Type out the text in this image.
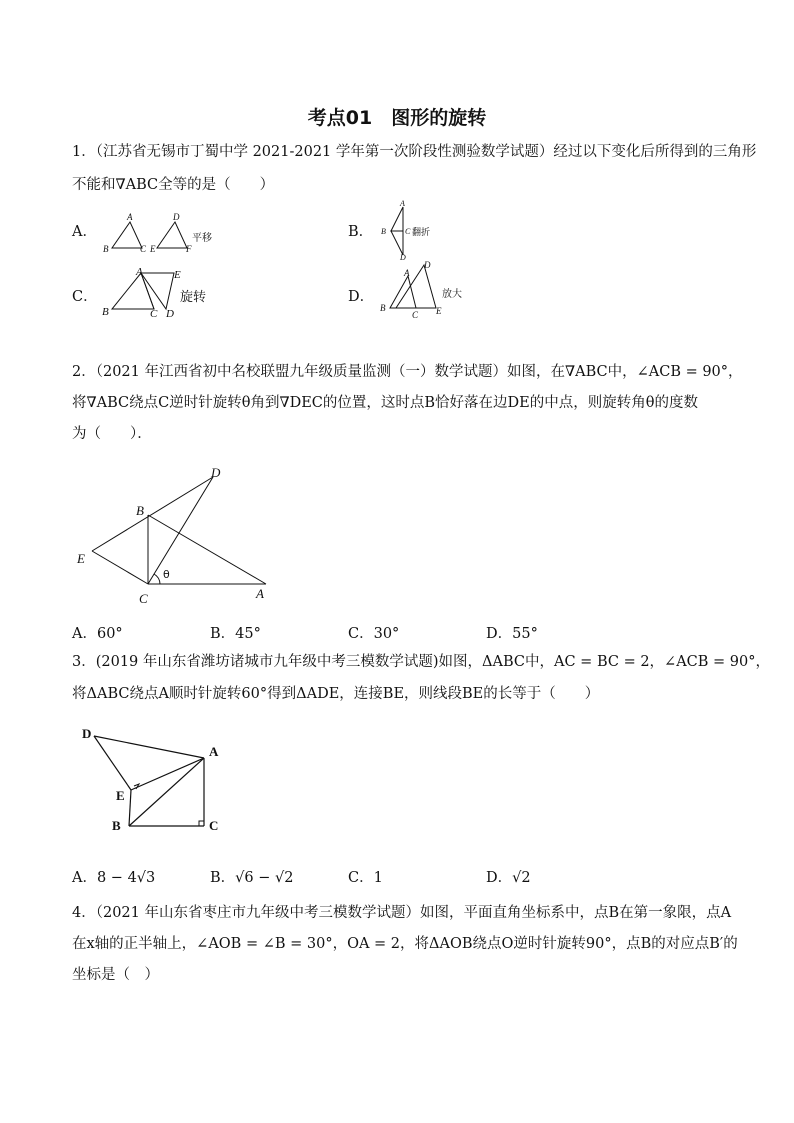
考点01　图形的旋转
1．（江苏省无锡市丁蜀中学 2021-2021 学年第一次阶段性测验数学试题）经过以下变化后所得到的三角形
不能和∇ABC全等的是（　　）
A．
A
B	C E
D
F
平移	B．
A
B C
D
翻折
C．
A
B	C D
E
旋转	D．
A
B
C
D
E
放大
2．（2021 年江西省初中名校联盟九年级质量监测（一）数学试题）如图，在∇ABC中，∠ACB = 90°，
将∇ABC绕点C逆时针旋转θ角到∇DEC的位置，这时点B恰好落在边DE的中点，则旋转角θ的度数
为（　　）．
θ
B
D
E
C	A
A．60°	B．45°	C．30°	D．55°
3．(2019 年山东省潍坊诸城市九年级中考三模数学试题)如图，ΔABC中，AC = BC = 2，∠ACB = 90°，
将ΔABC绕点A顺时针旋转60°得到ΔADE，连接BE，则线段BE的长等于（　　）
D
A
E
B	C
A．8 − 4√3	B．√6 − √2	C．1	D．√2
4．（2021 年山东省枣庄市九年级中考三模数学试题）如图，平面直角坐标系中，点B在第一象限，点A
在x轴的正半轴上，∠AOB = ∠B = 30°，OA = 2，将ΔAOB绕点O逆时针旋转90°，点B的对应点B′的
坐标是（　）
